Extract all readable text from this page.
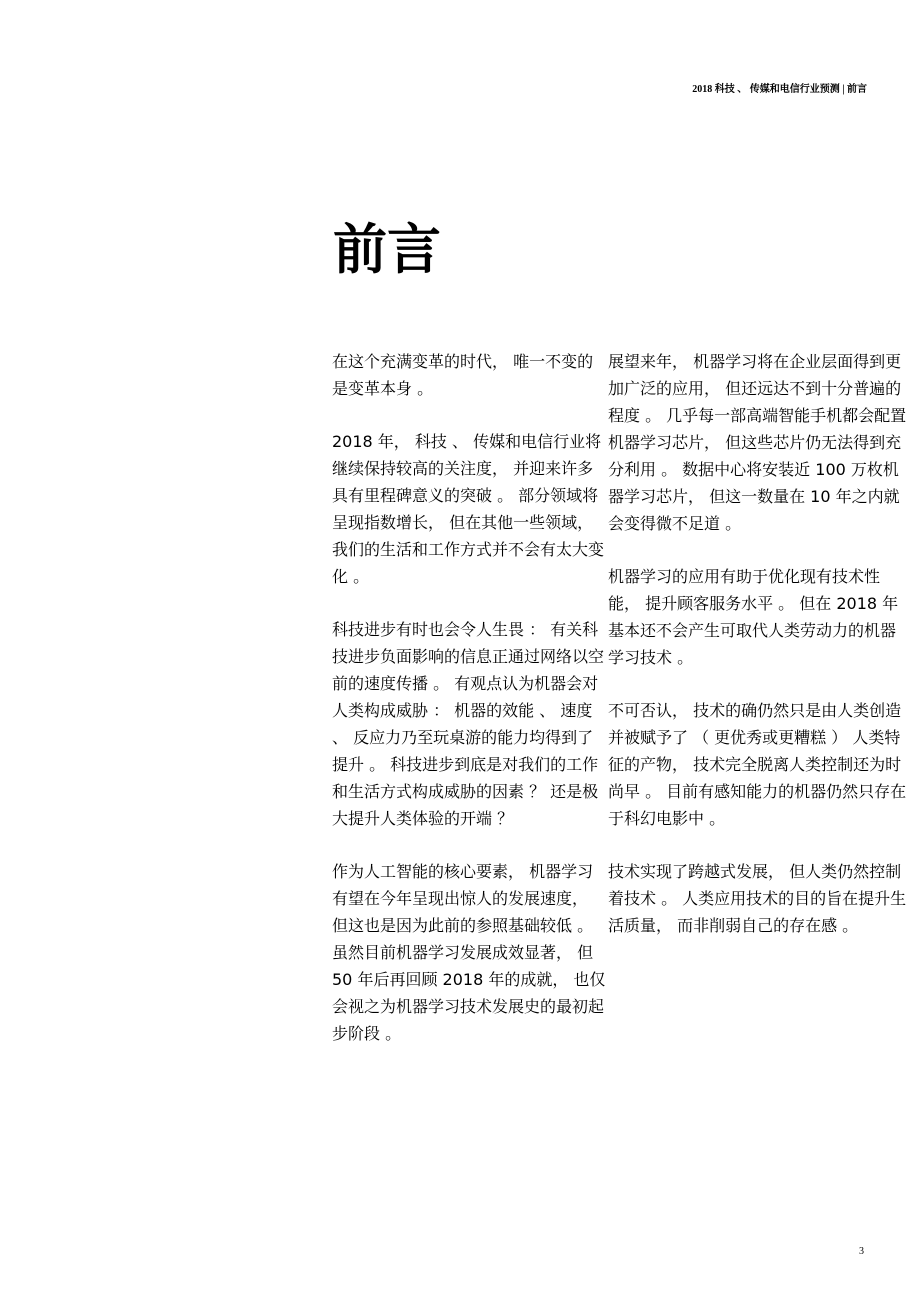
2018 科技 、 传媒和电信行业预测 | 前言
前言

在这个充满变革的时代， 唯一不变的是变革本身 。

2018 年， 科技 、 传媒和电信行业将继续保持较高的关注度， 并迎来许多具有里程碑意义的突破 。 部分领域将呈现指数增长， 但在其他一些领域， 我们的生活和工作方式并不会有太大变化 。

科技进步有时也会令人生畏 ： 有关科技进步负面影响的信息正通过网络以空前的速度传播 。 有观点认为机器会对人类构成威胁 ： 机器的效能 、 速度 、 反应力乃至玩桌游的能力均得到了提升 。 科技进步到底是对我们的工作和生活方式构成威胁的因素 ？ 还是极大提升人类体验的开端 ？

作为人工智能的核心要素， 机器学习有望在今年呈现出惊人的发展速度， 但这也是因为此前的参照基础较低 。 虽然目前机器学习发展成效显著， 但 50 年后再回顾 2018 年的成就， 也仅会视之为机器学习技术发展史的最初起步阶段 。

展望来年， 机器学习将在企业层面得到更加广泛的应用， 但还远达不到十分普遍的程度 。 几乎每一部高端智能手机都会配置机器学习芯片， 但这些芯片仍无法得到充分利用 。 数据中心将安装近 100 万枚机器学习芯片， 但这一数量在 10 年之内就会变得微不足道 。

机器学习的应用有助于优化现有技术性能， 提升顾客服务水平 。 但在 2018 年基本还不会产生可取代人类劳动力的机器学习技术 。

不可否认， 技术的确仍然只是由人类创造并被赋予了 （ 更优秀或更糟糕 ） 人类特征的产物， 技术完全脱离人类控制还为时尚早 。 目前有感知能力的机器仍然只存在于科幻电影中 。

技术实现了跨越式发展， 但人类仍然控制着技术 。 人类应用技术的目的旨在提升生活质量， 而非削弱自己的存在感 。

3
